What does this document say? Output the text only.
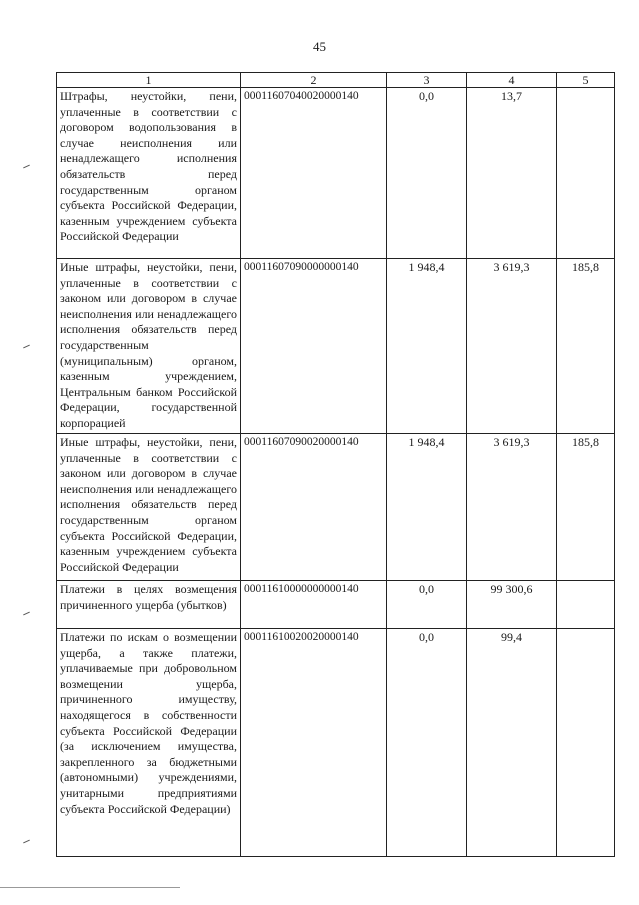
45
1	2	3	4	5
Штрафы, неустойки, пени, уплаченные в соответствии с договором водопользования в случае неисполнения или ненадлежащего исполнения обязательств перед государственным органом субъекта Российской Федерации, казенным учреждением субъекта Российской Федерации	00011607040020000140	0,0	13,7	
Иные штрафы, неустойки, пени, уплаченные в соответствии с законом или договором в случае неисполнения или ненадлежащего исполнения обязательств перед государственным (муниципальным) органом, казенным учреждением, Центральным банком Российской Федерации, государственной корпорацией	00011607090000000140	1 948,4	3 619,3	185,8
Иные штрафы, неустойки, пени, уплаченные в соответствии с законом или договором в случае неисполнения или ненадлежащего исполнения обязательств перед государственным органом субъекта Российской Федерации, казенным учреждением субъекта Российской Федерации	00011607090020000140	1 948,4	3 619,3	185,8
Платежи в целях возмещения причиненного ущерба (убытков)	00011610000000000140	0,0	99 300,6	
Платежи по искам о возмещении ущерба, а также платежи, уплачиваемые при добровольном возмещении ущерба, причиненного имуществу, находящегося в собственности субъекта Российской Федерации (за исключением имущества, закрепленного за бюджетными (автономными) учреждениями, унитарными предприятиями субъекта Российской Федерации)	00011610020020000140	0,0	99,4	
